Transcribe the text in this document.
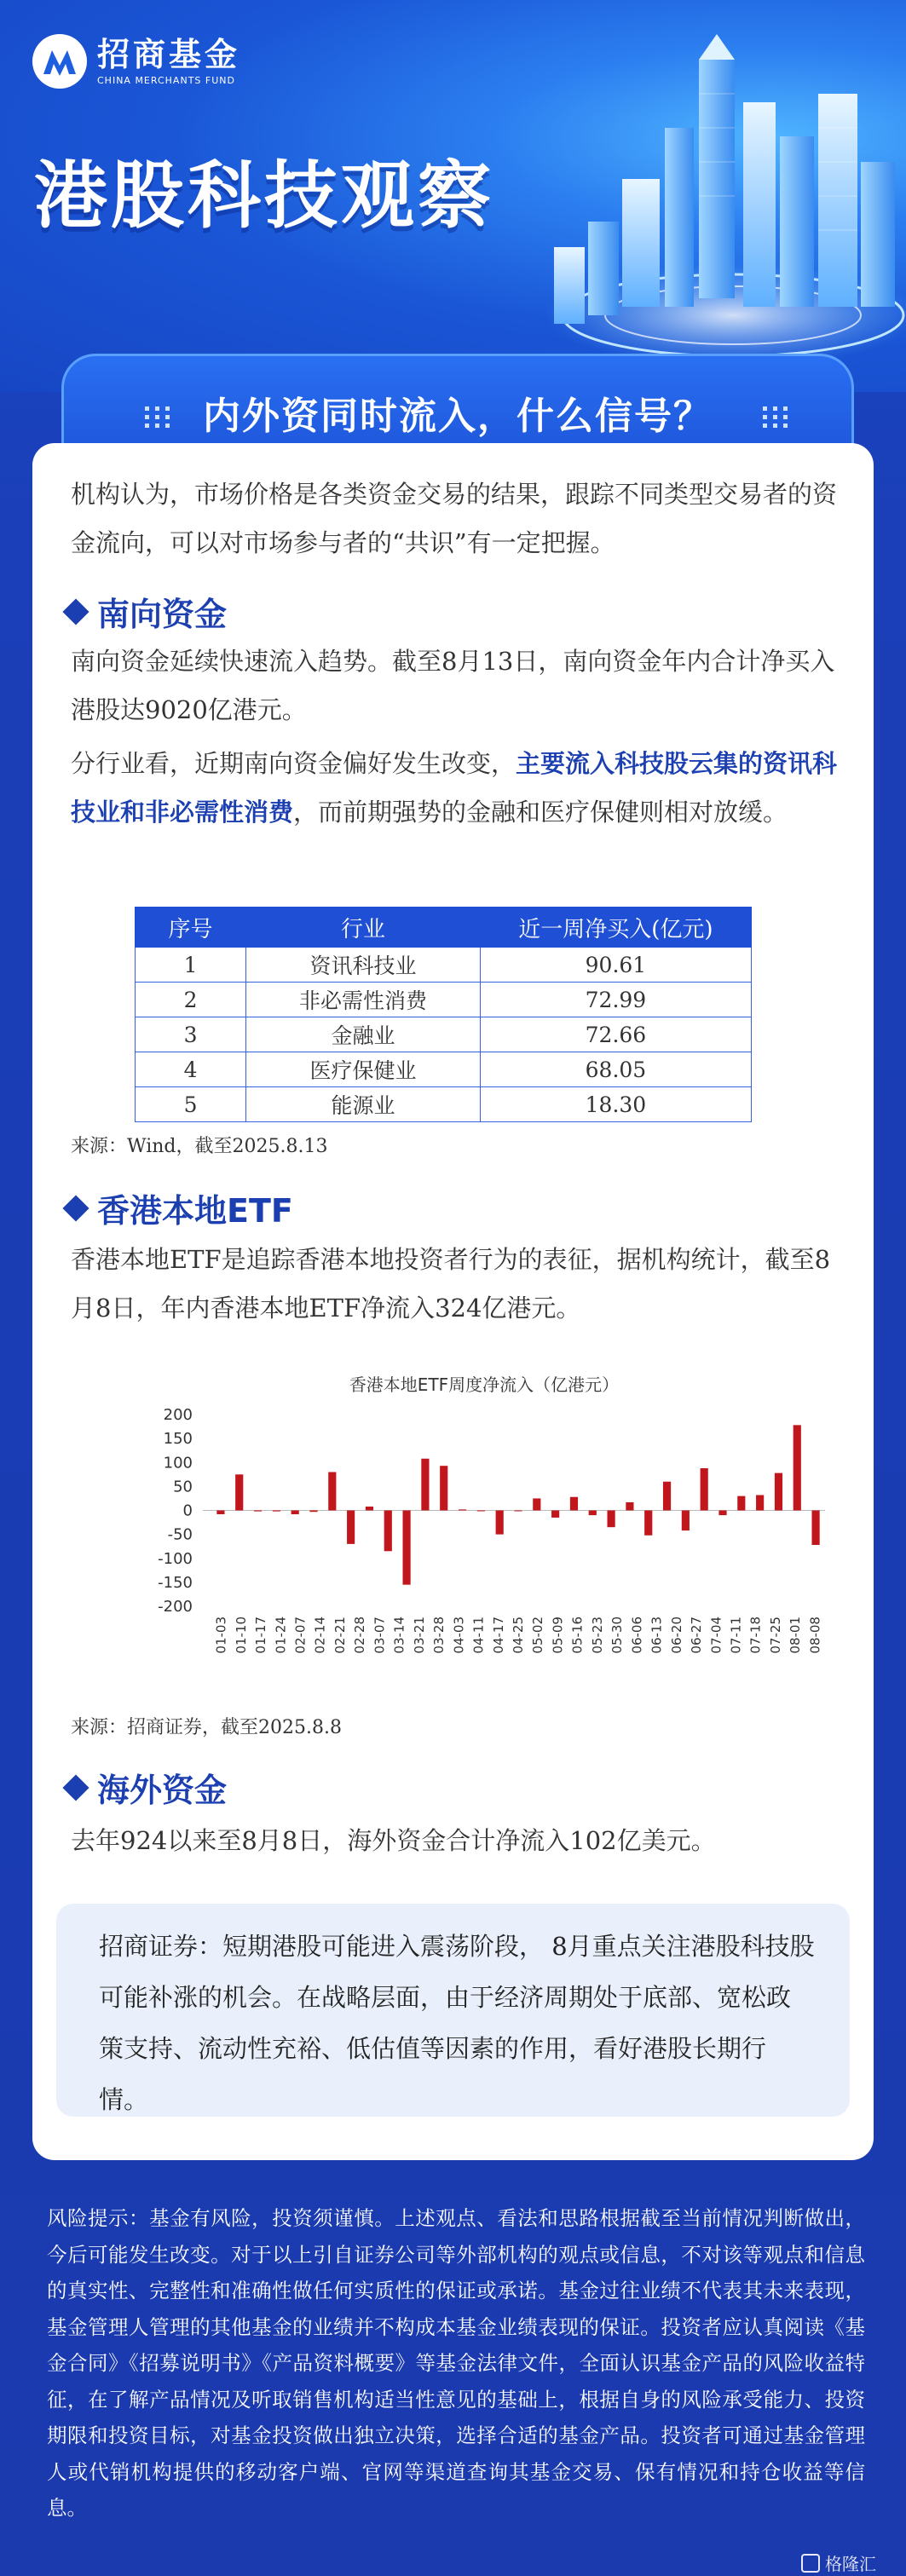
招商基金
CHINA MERCHANTS FUND
港股科技观察
内外资同时流入，什么信号？
机构认为，市场价格是各类资金交易的结果，跟踪不同类型交易者的资金流向，可以对市场参与者的“共识”有一定把握。
南向资金
南向资金延续快速流入趋势。截至8月13日，南向资金年内合计净买入港股达9020亿港元。
分行业看，近期南向资金偏好发生改变，主要流入科技股云集的资讯科技业和非必需性消费，而前期强势的金融和医疗保健则相对放缓。
序号	行业	近一周净买入(亿元)
1	资讯科技业	90.61
2	非必需性消费	72.99
3	金融业	72.66
4	医疗保健业	68.05
5	能源业	18.30
来源：Wind，截至2025.8.13
香港本地ETF
香港本地ETF是追踪香港本地投资者行为的表征，据机构统计，截至8月8日，年内香港本地ETF净流入324亿港元。
香港本地ETF周度净流入（亿港元）
200
150
100
50
0
-50
-100
-150
-200
01-03 01-10 01-17 01-24 02-07 02-14 02-21 02-28 03-07 03-14 03-21 03-28 04-03 04-11 04-17 04-25 05-02 05-09 05-16 05-23 05-30 06-06 06-13 06-20 06-27 07-04 07-11 07-18 07-25 08-01 08-08
来源：招商证券，截至2025.8.8
海外资金
去年924以来至8月8日，海外资金合计净流入102亿美元。
招商证券：短期港股可能进入震荡阶段， 8月重点关注港股科技股可能补涨的机会。在战略层面，由于经济周期处于底部、宽松政策支持、流动性充裕、低估值等因素的作用，看好港股长期行情。
风险提示：基金有风险，投资须谨慎。上述观点、看法和思路根据截至当前情况判断做出，今后可能发生改变。对于以上引自证券公司等外部机构的观点或信息，不对该等观点和信息的真实性、完整性和准确性做任何实质性的保证或承诺。基金过往业绩不代表其未来表现，基金管理人管理的其他基金的业绩并不构成本基金业绩表现的保证。投资者应认真阅读《基金合同》《招募说明书》《产品资料概要》等基金法律文件，全面认识基金产品的风险收益特征，在了解产品情况及听取销售机构适当性意见的基础上，根据自身的风险承受能力、投资期限和投资目标，对基金投资做出独立决策，选择合适的基金产品。投资者可通过基金管理人或代销机构提供的移动客户端、官网等渠道查询其基金交易、保有情况和持仓收益等信息。
格隆汇
